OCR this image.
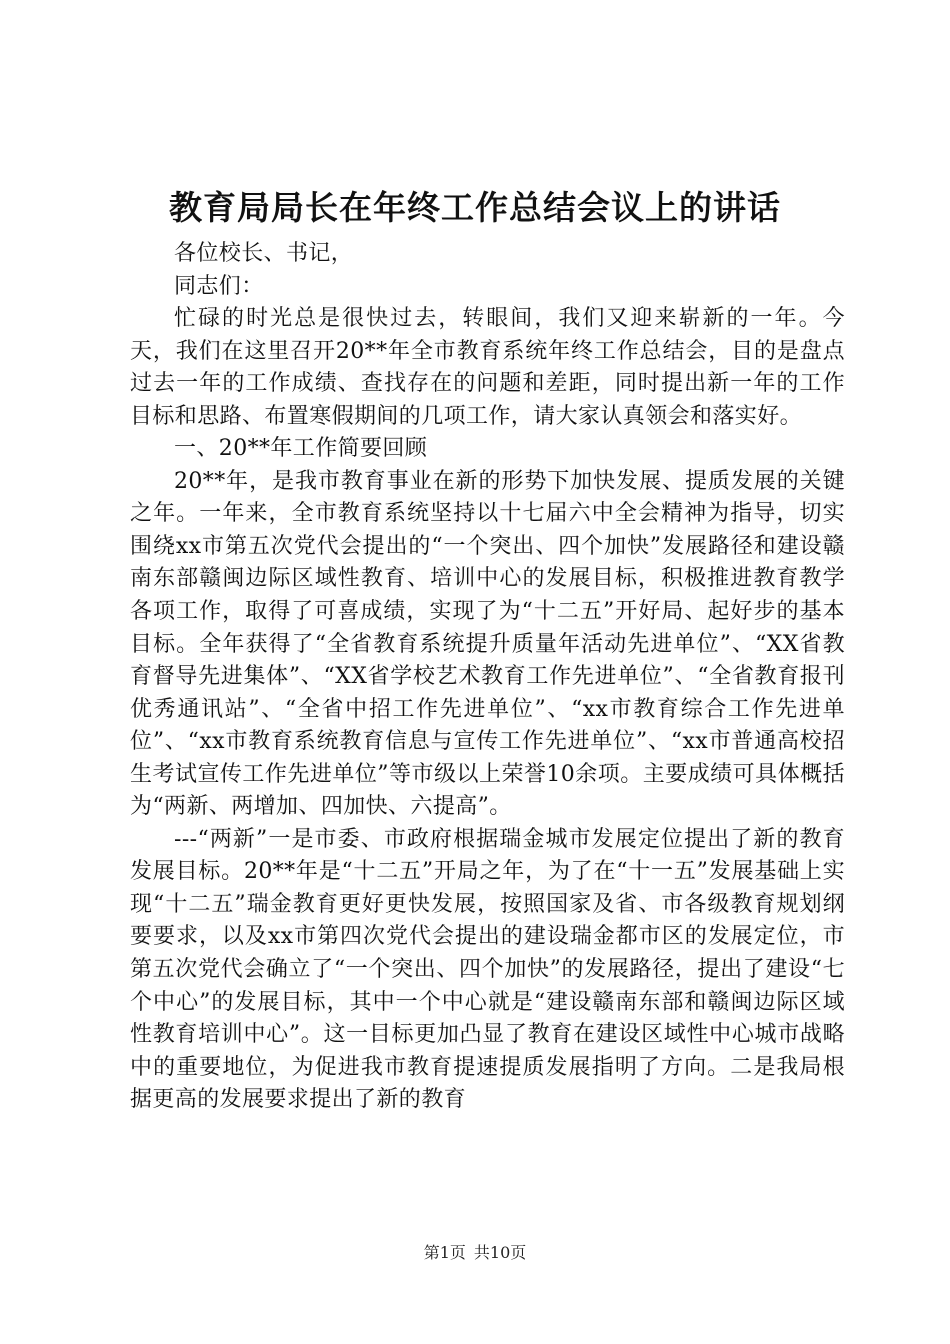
教育局局长在年终工作总结会议上的讲话

各位校长、书记，

同志们：

忙碌的时光总是很快过去，转眼间，我们又迎来崭新的一年。今天，我们在这里召开20**年全市教育系统年终工作总结会，目的是盘点过去一年的工作成绩、查找存在的问题和差距，同时提出新一年的工作目标和思路、布置寒假期间的几项工作，请大家认真领会和落实好。

一、20**年工作简要回顾

20**年，是我市教育事业在新的形势下加快发展、提质发展的关键之年。一年来，全市教育系统坚持以十七届六中全会精神为指导，切实围绕xx市第五次党代会提出的“一个突出、四个加快”发展路径和建设赣南东部赣闽边际区域性教育、培训中心的发展目标，积极推进教育教学各项工作，取得了可喜成绩，实现了为“十二五”开好局、起好步的基本目标。全年获得了“全省教育系统提升质量年活动先进单位”、“XX省教育督导先进集体”、“XX省学校艺术教育工作先进单位”、“全省教育报刊优秀通讯站”、“全省中招工作先进单位”、“xx市教育综合工作先进单位”、“xx市教育系统教育信息与宣传工作先进单位”、“xx市普通高校招生考试宣传工作先进单位”等市级以上荣誉10余项。主要成绩可具体概括为“两新、两增加、四加快、六提高”。

---“两新”一是市委、市政府根据瑞金城市发展定位提出了新的教育发展目标。20**年是“十二五”开局之年，为了在“十一五”发展基础上实现“十二五”瑞金教育更好更快发展，按照国家及省、市各级教育规划纲要要求，以及xx市第四次党代会提出的建设瑞金都市区的发展定位，市第五次党代会确立了“一个突出、四个加快”的发展路径，提出了建设“七个中心”的发展目标，其中一个中心就是“建设赣南东部和赣闽边际区域性教育培训中心”。这一目标更加凸显了教育在建设区域性中心城市战略中的重要地位，为促进我市教育提速提质发展指明了方向。二是我局根据更高的发展要求提出了新的教育

第1页 共10页
